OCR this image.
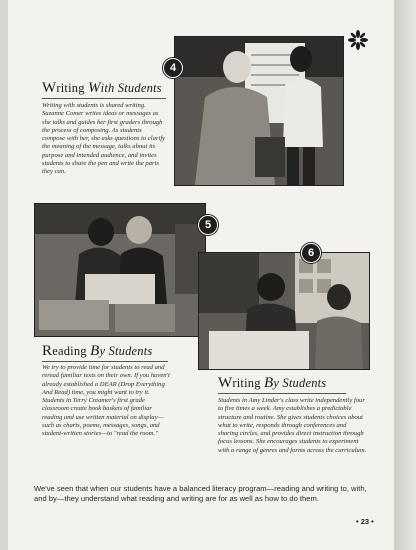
4
Writing With Students
Writing with students is shared writing. Suzanne Comer writes ideas or messages as she talks and guides her first graders through the process of composing. As students compose with her, she asks questions to clarify the meaning of the message, talks about its purpose and intended audience, and invites students to share the pen and write the parts they can.
5
6
Reading By Students
We try to provide time for students to read and reread familiar texts on their own. If you haven't already established a DEAR (Drop Everything And Read) time, you might want to try it. Students in Terry Creamer's first grade classroom create book baskets of familiar reading and use written material on display—such as charts, poems, messages, songs, and student-written stories—to "read the room."
Writing By Students
Students in Amy Linder's class write independently four to five times a week. Amy establishes a predictable structure and routine. She gives students choices about what to write, responds through conferences and sharing circles, and provides direct instruction through focus lessons. She encourages students to experiment with a range of genres and forms across the curriculum.
We've seen that when our students have a balanced literacy program—reading and writing to, with, and by—they understand what reading and writing are for as well as how to do them.
• 23 •
